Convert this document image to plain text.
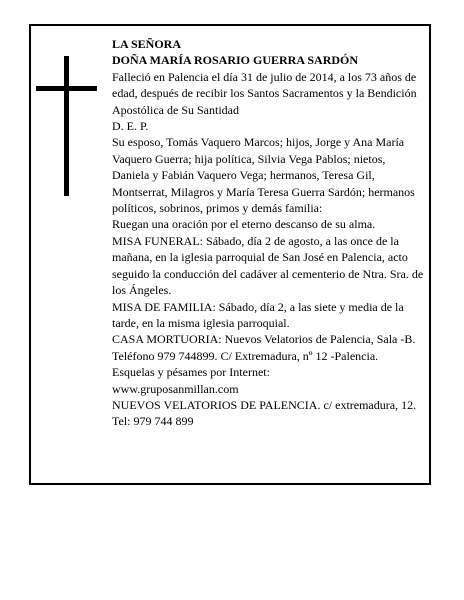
LA SEÑORA

DOÑA MARÍA ROSARIO GUERRA SARDÓN

Falleció en Palencia el día 31 de julio de 2014, a los 73 años de edad, después de recibir los Santos Sacramentos y la Bendición Apostólica de Su Santidad

D. E. P.

Su esposo, Tomás Vaquero Marcos; hijos, Jorge y Ana María Vaquero Guerra; hija política, Silvia Vega Pablos; nietos, Daniela y Fabián Vaquero Vega; hermanos, Teresa Gil, Montserrat, Milagros y María Teresa Guerra Sardón; hermanos políticos, sobrinos, primos y demás familia:

Ruegan una oración por el eterno descanso de su alma.

MISA FUNERAL: Sábado, día 2 de agosto, a las once de la mañana, en la iglesia parroquial de San José en Palencia, acto seguido la conducción del cadáver al cementerio de Ntra. Sra. de los Ángeles.

MISA DE FAMILIA: Sábado, día 2, a las siete y media de la tarde, en la misma iglesia parroquial.

CASA MORTUORIA: Nuevos Velatorios de Palencia, Sala -B.

Teléfono 979 744899. C/ Extremadura, nº 12 -Palencia.

Esquelas y pésames por Internet:

www.gruposanmillan.com

NUEVOS VELATORIOS DE PALENCIA. c/ extremadura, 12. Tel: 979 744 899
